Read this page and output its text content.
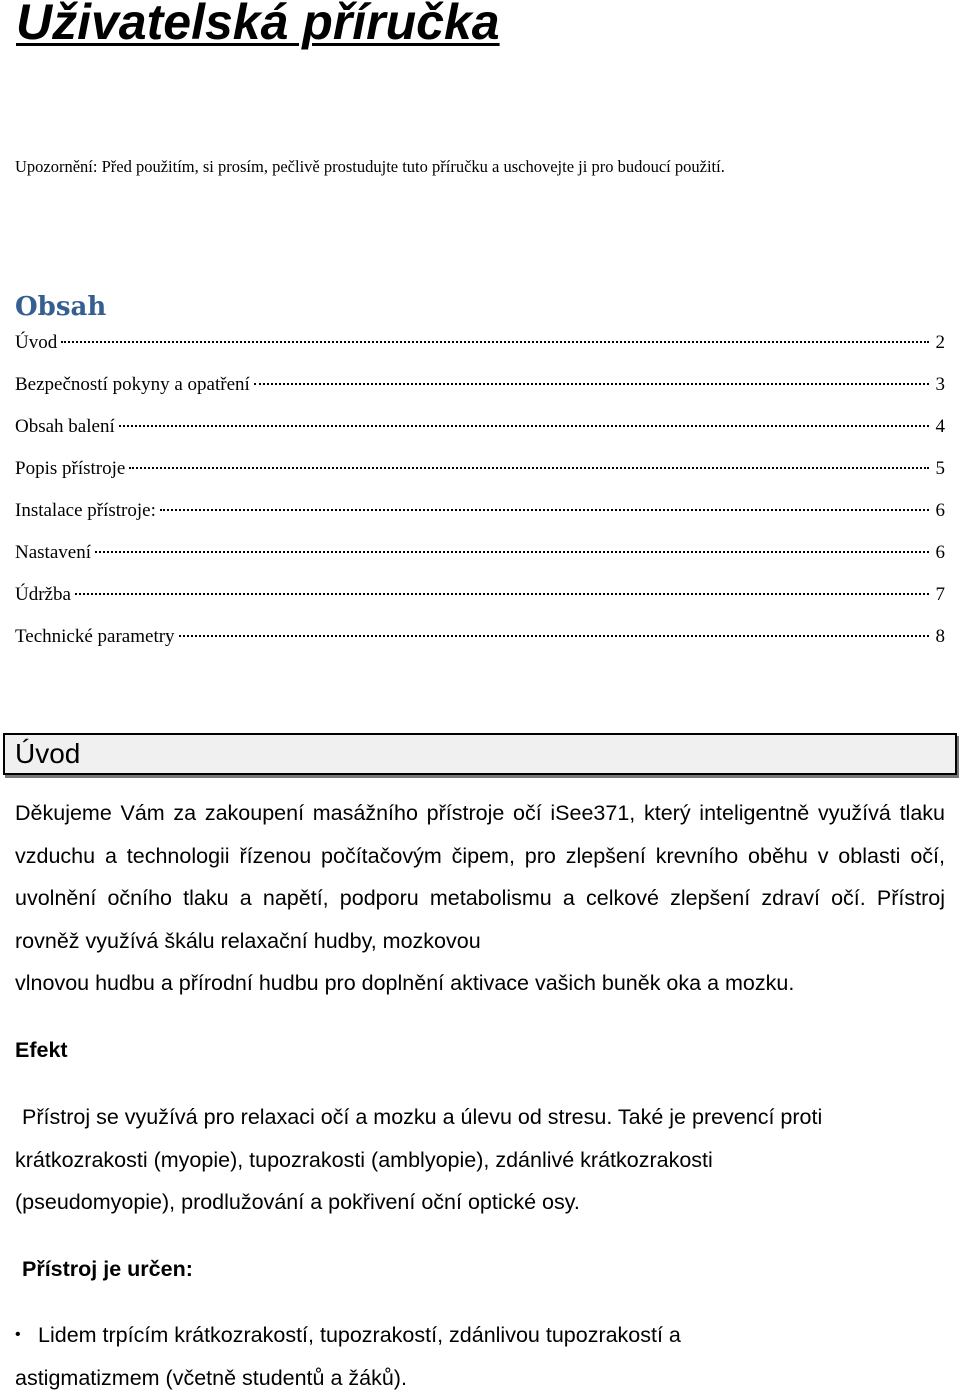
Uživatelská příručka

Upozornění: Před použitím, si prosím, pečlivě prostudujte tuto příručku a uschovejte ji pro budoucí použití.

Obsah
Úvod	2
Bezpečností pokyny a opatření	3
Obsah balení	4
Popis přístroje	5
Instalace přístroje:	6
Nastavení	6
Údržba	7
Technické parametry	8
Úvod
Děkujeme Vám za zakoupení masážního přístroje očí iSee371, který inteligentně využívá tlaku vzduchu a technologii řízenou počítačovým čipem, pro zlepšení krevního oběhu v oblasti očí, uvolnění očního tlaku a napětí, podporu metabolismu a celkové zlepšení zdraví očí. Přístroj rovněž využívá škálu relaxační hudby, mozkovou
vlnovou hudbu a přírodní hudbu pro doplnění aktivace vašich buněk oka a mozku.
Efekt
Přístroj se využívá pro relaxaci očí a mozku a úlevu od stresu. Také je prevencí proti
krátkozrakosti (myopie), tupozrakosti (amblyopie), zdánlivé krátkozrakosti
(pseudomyopie), prodlužování a pokřivení oční optické osy.
Přístroj je určen:
• Lidem trpícím krátkozrakostí, tupozrakostí, zdánlivou tupozrakostí a
astigmatizmem (včetně studentů a žáků).
